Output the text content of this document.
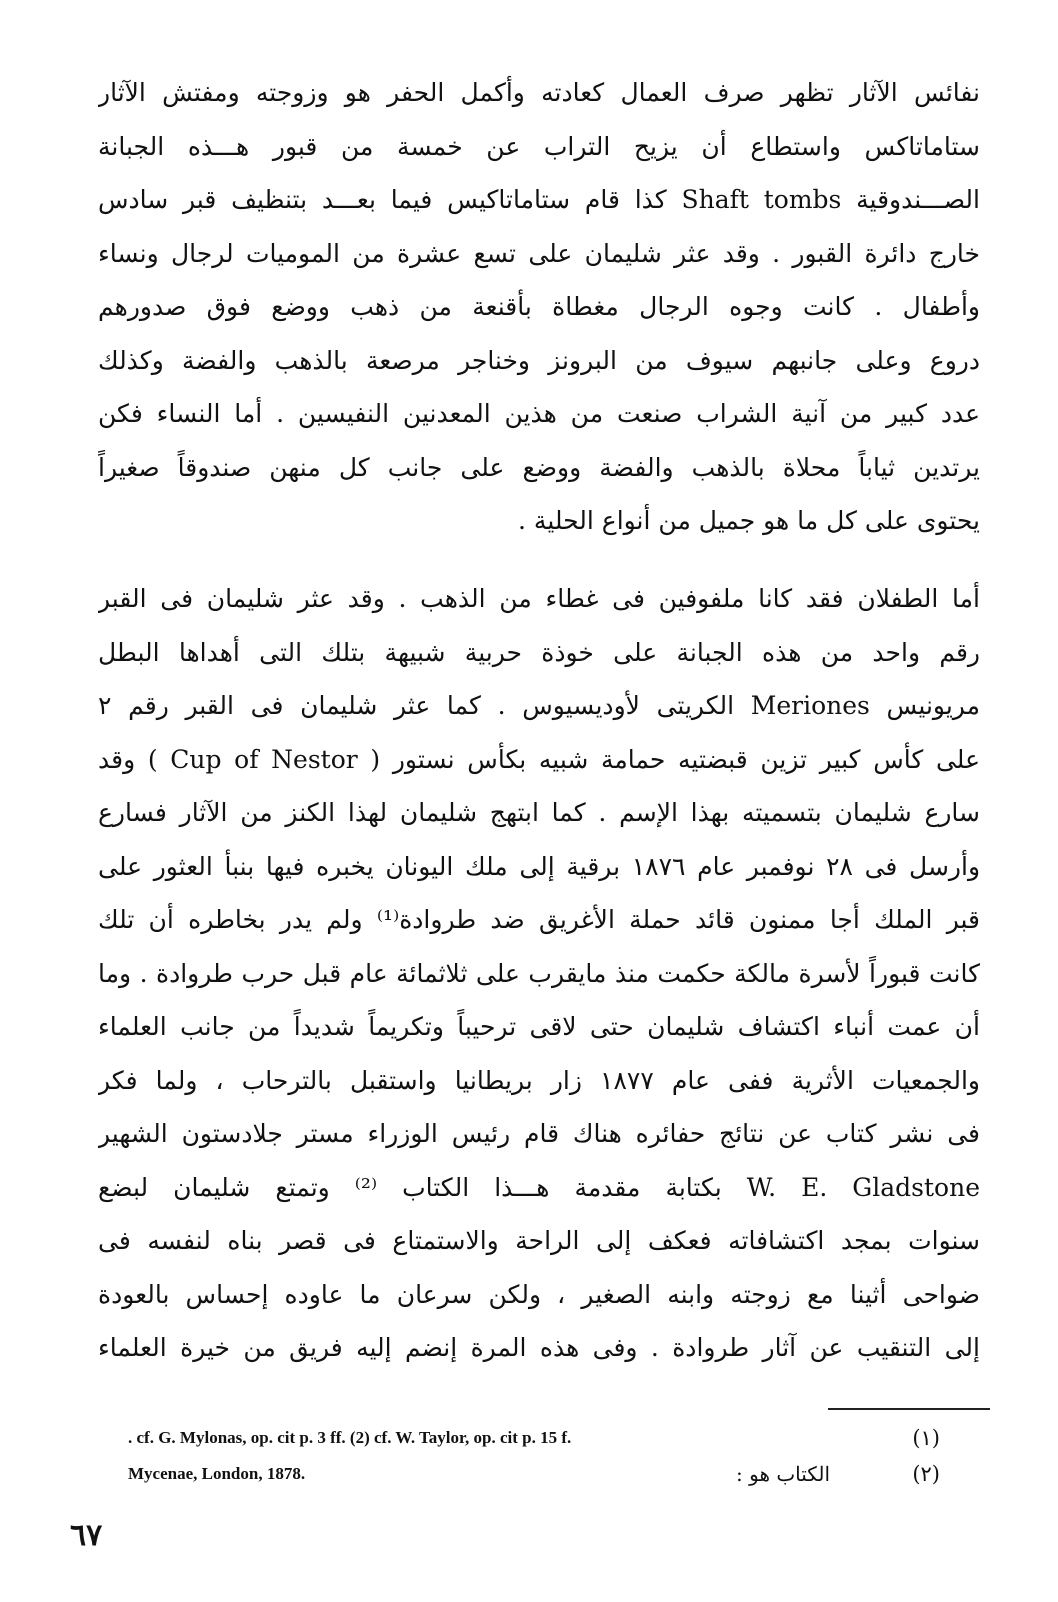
نفائس الآثار تظهر صرف العمال كعادته وأكمل الحفر هو وزوجته ومفتش الآثار
ستاماتاكس واستطاع أن يزيح التراب عن خمسة من قبور هـــذه الجبانة
الصـــندوقية Shaft tombs كذا قام ستاماتاكيس فيما بعـــد بتنظيف قبر سادس
خارج دائرة القبور . وقد عثر شليمان على تسع عشرة من الموميات لرجال ونساء
وأطفال . كانت وجوه الرجال مغطاة بأقنعة من ذهب ووضع فوق صدورهم
دروع وعلى جانبهم سيوف من البرونز وخناجر مرصعة بالذهب والفضة وكذلك
عدد كبير من آنية الشراب صنعت من هذين المعدنين النفيسين . أما النساء فكن
يرتدين ثياباً محلاة بالذهب والفضة ووضع على جانب كل منهن صندوقاً صغيراً
يحتوى على كل ما هو جميل من أنواع الحلية .
أما الطفلان فقد كانا ملفوفين فى غطاء من الذهب . وقد عثر شليمان فى القبر
رقم واحد من هذه الجبانة على خوذة حربية شبيهة بتلك التى أهداها البطل
مريونيس Meriones الكريتى لأوديسيوس . كما عثر شليمان فى القبر رقم ٢
على كأس كبير تزين قبضتيه حمامة شبيه بكأس نستور ( Cup of Nestor ) وقد
سارع شليمان بتسميته بهذا الإسم . كما ابتهج شليمان لهذا الكنز من الآثار فسارع
وأرسل فى ٢٨ نوفمبر عام ١٨٧٦ برقية إلى ملك اليونان يخبره فيها بنبأ العثور على
قبر الملك أجا ممنون قائد حملة الأغريق ضد طروادة⁽¹⁾ ولم يدر بخاطره أن تلك
كانت قبوراً لأسرة مالكة حكمت منذ مايقرب على ثلاثمائة عام قبل حرب طروادة . وما
أن عمت أنباء اكتشاف شليمان حتى لاقى ترحيباً وتكريماً شديداً من جانب العلماء
والجمعيات الأثرية ففى عام ١٨٧٧ زار بريطانيا واستقبل بالترحاب ، ولما فكر
فى نشر كتاب عن نتائج حفائره هناك قام رئيس الوزراء مستر جلادستون الشهير
W. E. Gladstone بكتابة مقدمة هـــذا الكتاب ⁽²⁾ وتمتع شليمان لبضع
سنوات بمجد اكتشافاته فعكف إلى الراحة والاستمتاع فى قصر بناه لنفسه فى
ضواحى أثينا مع زوجته وابنه الصغير ، ولكن سرعان ما عاوده إحساس بالعودة
إلى التنقيب عن آثار طروادة . وفى هذه المرة إنضم إليه فريق من خيرة العلماء
. cf. G. Mylonas, op. cit p. 3 ff. (2) cf. W. Taylor, op. cit p. 15 f.	(١)
Mycenae, London, 1878.	الكتاب هو :	(٢)
٦٧
